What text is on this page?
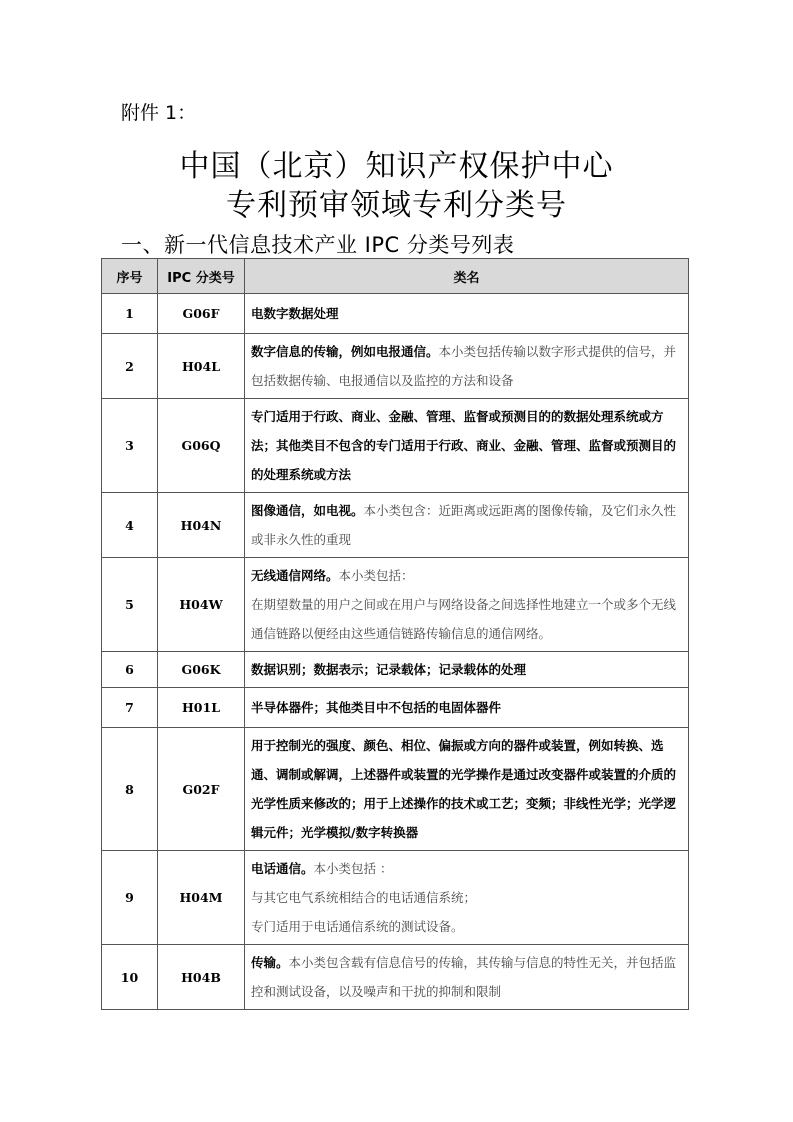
附件 1：
中国（北京）知识产权保护中心
专利预审领域专利分类号
一、新一代信息技术产业 IPC 分类号列表
序号	IPC 分类号	类名
1	G06F	电数字数据处理
2	H04L	数字信息的传输，例如电报通信。本小类包括传输以数字形式提供的信号，并包括数据传输、电报通信以及监控的方法和设备
3	G06Q	专门适用于行政、商业、金融、管理、监督或预测目的的数据处理系统或方法；其他类目不包含的专门适用于行政、商业、金融、管理、监督或预测目的的处理系统或方法
4	H04N	图像通信，如电视。本小类包含：近距离或远距离的图像传输，及它们永久性或非永久性的重现
5	H04W	无线通信网络。本小类包括：
在期望数量的用户之间或在用户与网络设备之间选择性地建立一个或多个无线通信链路以便经由这些通信链路传输信息的通信网络。

6	G06K	数据识别；数据表示；记录载体；记录载体的处理
7	H01L	半导体器件；其他类目中不包括的电固体器件
8	G02F	用于控制光的强度、颜色、相位、偏振或方向的器件或装置，例如转换、选通、调制或解调，上述器件或装置的光学操作是通过改变器件或装置的介质的光学性质来修改的；用于上述操作的技术或工艺；变频；非线性光学；光学逻辑元件；光学模拟/数字转换器
9	H04M	电话通信。本小类包括 ：
与其它电气系统相结合的电话通信系统；
专门适用于电话通信系统的测试设备。

10	H04B	传输。本小类包含载有信息信号的传输，其传输与信息的特性无关，并包括监控和测试设备，以及噪声和干扰的抑制和限制
